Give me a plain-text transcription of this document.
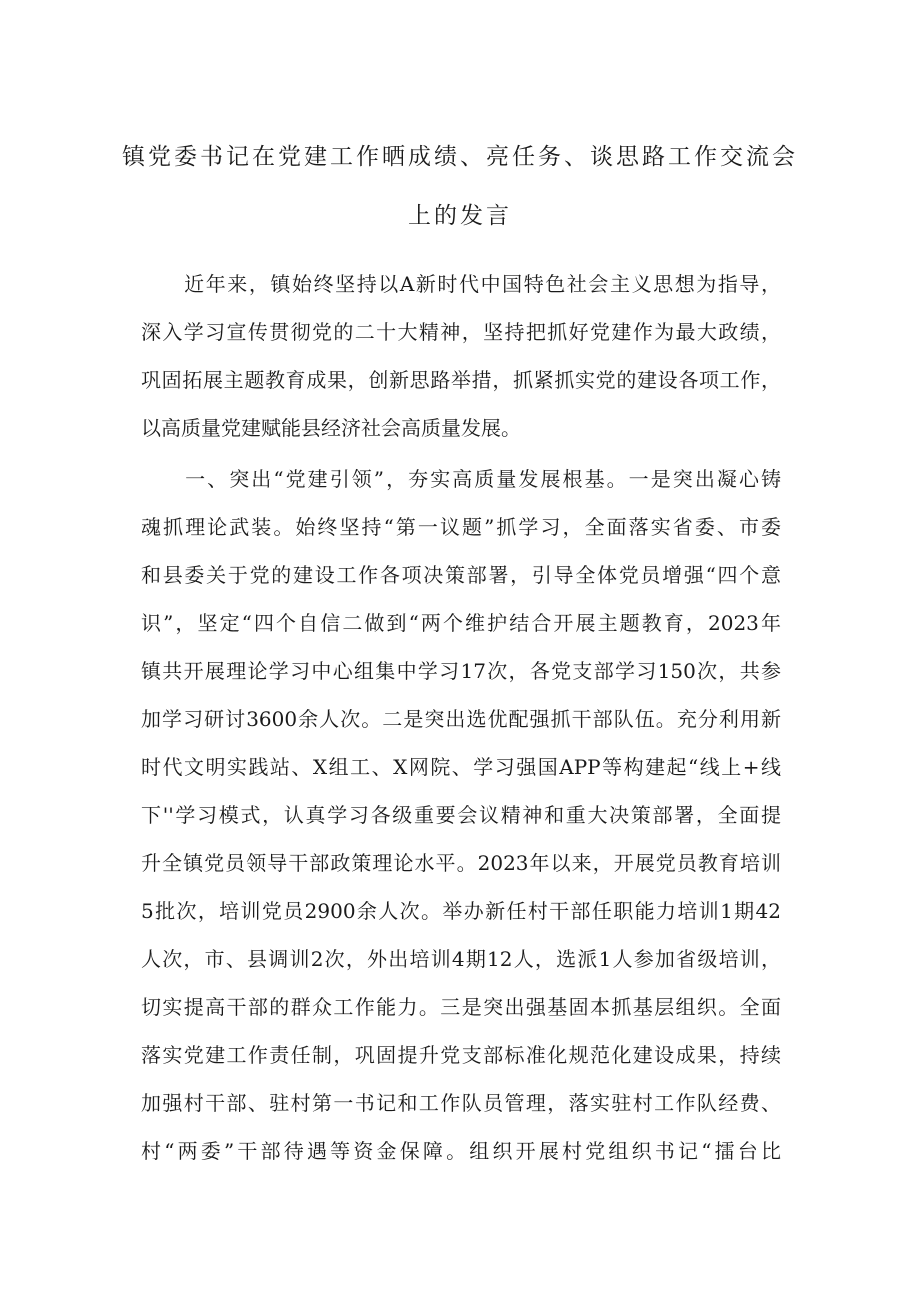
镇党委书记在党建工作晒成绩、亮任务、谈思路工作交流会
上的发言
　　近年来，镇始终坚持以A新时代中国特色社会主义思想为指导，
深入学习宣传贯彻党的二十大精神，坚持把抓好党建作为最大政绩，
巩固拓展主题教育成果，创新思路举措，抓紧抓实党的建设各项工作，
以高质量党建赋能县经济社会高质量发展。
　　一、突出“党建引领”，夯实高质量发展根基。一是突出凝心铸
魂抓理论武装。始终坚持“第一议题”抓学习，全面落实省委、市委
和县委关于党的建设工作各项决策部署，引导全体党员增强“四个意
识”，坚定“四个自信二做到“两个维护结合开展主题教育，2023年
镇共开展理论学习中心组集中学习17次，各党支部学习150次，共参
加学习研讨3600余人次。二是突出选优配强抓干部队伍。充分利用新
时代文明实践站、X组工、X网院、学习强国APP等构建起“线上+线
下''学习模式，认真学习各级重要会议精神和重大决策部署，全面提
升全镇党员领导干部政策理论水平。2023年以来，开展党员教育培训
5批次，培训党员2900余人次。举办新任村干部任职能力培训1期42
人次，市、县调训2次，外出培训4期12人，选派1人参加省级培训，
切实提高干部的群众工作能力。三是突出强基固本抓基层组织。全面
落实党建工作责任制，巩固提升党支部标准化规范化建设成果，持续
加强村干部、驻村第一书记和工作队员管理，落实驻村工作队经费、
村“两委”干部待遇等资金保障。组织开展村党组织书记“擂台比
